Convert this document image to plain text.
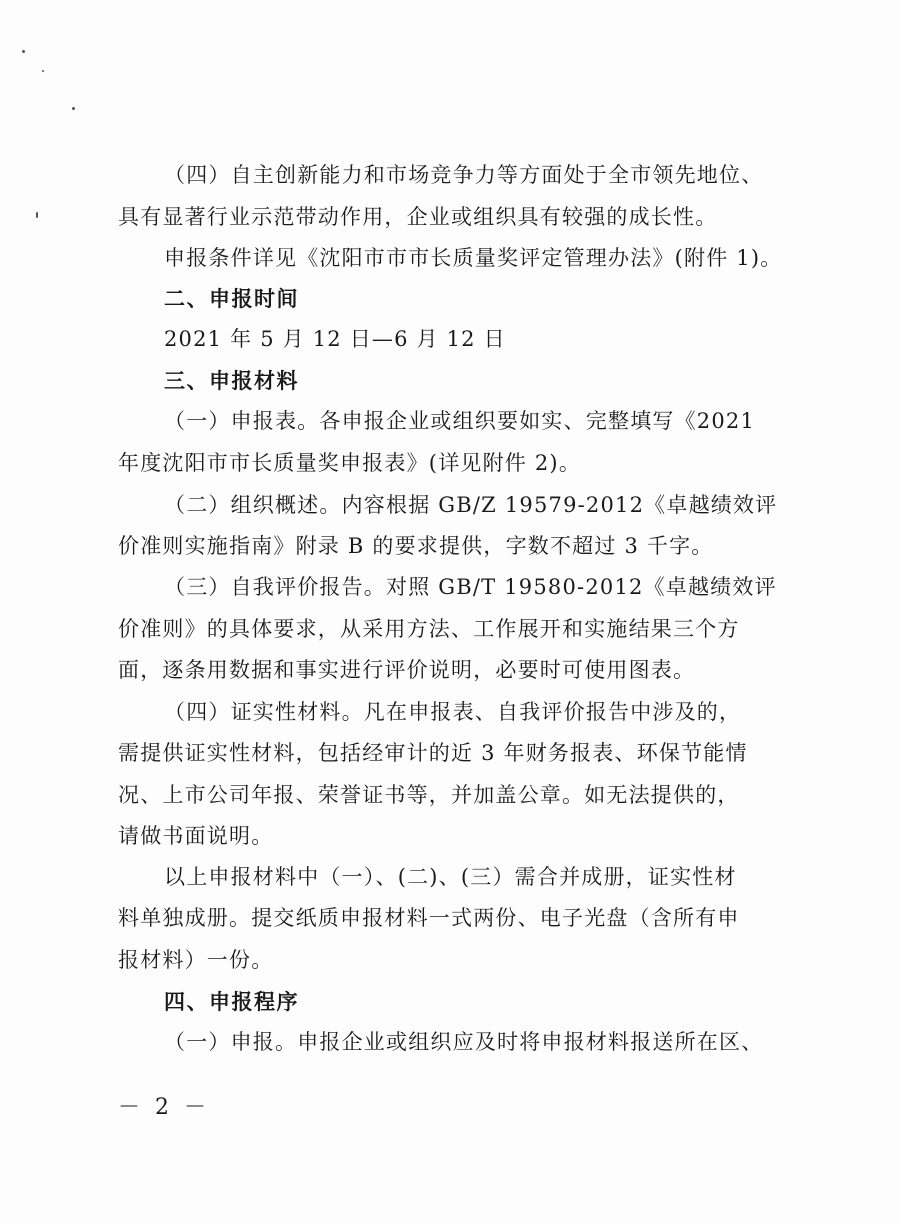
（四）自主创新能力和市场竞争力等方面处于全市领先地位、
具有显著行业示范带动作用，企业或组织具有较强的成长性。
申报条件详见《沈阳市市市长质量奖评定管理办法》(附件 1)。
二、申报时间
2021 年 5 月 12 日—6 月 12 日
三、申报材料
（一）申报表。各申报企业或组织要如实、完整填写《2021
年度沈阳市市长质量奖申报表》(详见附件 2)。
（二）组织概述。内容根据 GB/Z 19579-2012《卓越绩效评
价准则实施指南》附录 B 的要求提供，字数不超过 3 千字。
（三）自我评价报告。对照 GB/T 19580-2012《卓越绩效评
价准则》的具体要求，从采用方法、工作展开和实施结果三个方
面，逐条用数据和事实进行评价说明，必要时可使用图表。
（四）证实性材料。凡在申报表、自我评价报告中涉及的，
需提供证实性材料，包括经审计的近 3 年财务报表、环保节能情
况、上市公司年报、荣誉证书等，并加盖公章。如无法提供的，
请做书面说明。
以上申报材料中（一）、(二)、(三）需合并成册，证实性材
料单独成册。提交纸质申报材料一式两份、电子光盘（含所有申
报材料）一份。
四、申报程序
（一）申报。申报企业或组织应及时将申报材料报送所在区、
－ 2 －
